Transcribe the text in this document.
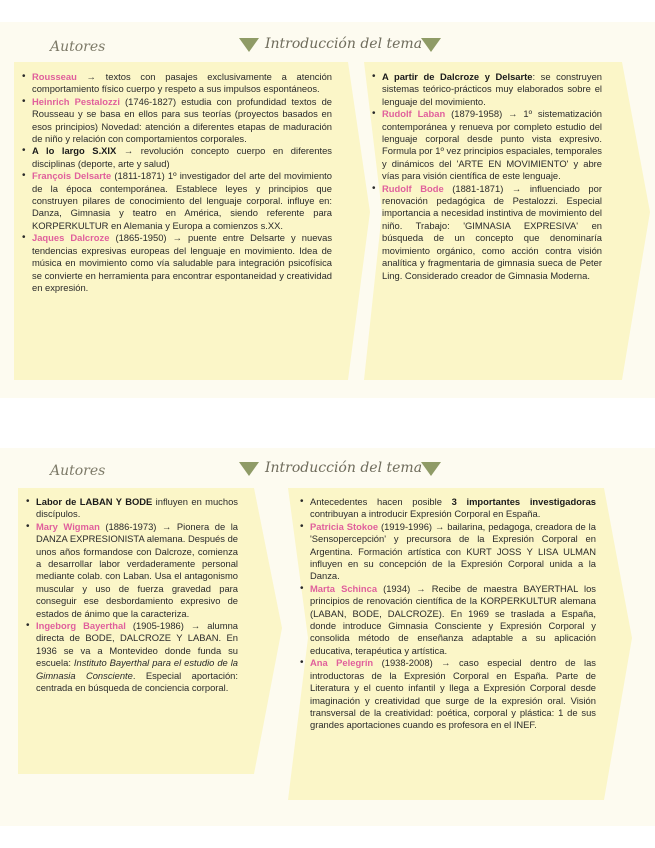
Autores	Introducción del tema
• Rousseau → textos con pasajes exclusivamente a atención comportamiento físico cuerpo y respeto a sus impulsos espontáneos.
• Heinrich Pestalozzi (1746-1827) estudia con profundidad textos de Rousseau y se basa en ellos para sus teorías (proyectos basados en esos principios) Novedad: atención a diferentes etapas de maduración de niño y relación con comportamientos corporales.
• A lo largo S.XIX → revolución concepto cuerpo en diferentes disciplinas (deporte, arte y salud)
• François Delsarte (1811-1871) 1º investigador del arte del movimiento de la época contemporánea. Establece leyes y principios que construyen pilares de conocimiento del lenguaje corporal. influye en: Danza, Gimnasia y teatro en América, siendo referente para KORPERKULTUR en Alemania y Europa a comienzos s.XX.
• Jaques Dalcroze (1865-1950) → puente entre Delsarte y nuevas tendencias expresivas europeas del lenguaje en movimiento. Idea de música en movimiento como vía saludable para integración psicofísica se convierte en herramienta para encontrar espontaneidad y creatividad en expresión.
• A partir de Dalcroze y Delsarte: se construyen sistemas teórico-prácticos muy elaborados sobre el lenguaje del movimiento.
• Rudolf Laban (1879-1958) → 1º sistematización contemporánea y renueva por completo estudio del lenguaje corporal desde punto vista expresivo. Formula por 1º vez principios espaciales, temporales y dinámicos del 'ARTE EN MOVIMIENTO' y abre vías para visión científica de este lenguaje.
• Rudolf Bode (1881-1871) → influenciado por renovación pedagógica de Pestalozzi. Especial importancia a necesidad instintiva de movimiento del niño. Trabajo: 'GIMNASIA EXPRESIVA' en búsqueda de un concepto que denominaría movimiento orgánico, como acción contra visión analítica y fragmentaria de gimnasia sueca de Peter Ling. Considerado creador de Gimnasia Moderna.
Autores	Introducción del tema
• Labor de LABAN Y BODE influyen en muchos discípulos.
• Mary Wigman (1886-1973) → Pionera de la DANZA EXPRESIONISTA alemana. Después de unos años formandose con Dalcroze, comienza a desarrollar labor verdaderamente personal mediante colab. con Laban. Usa el antagonismo muscular y uso de fuerza gravedad para conseguir ese desbordamiento expresivo de estados de ánimo que la caracteriza.
• Ingeborg Bayerthal (1905-1986) → alumna directa de BODE, DALCROZE Y LABAN. En 1936 se va a Montevideo donde funda su escuela: Instituto Bayerthal para el estudio de la Gimnasia Consciente. Especial aportación: centrada en búsqueda de conciencia corporal.
• Antecedentes hacen posible 3 importantes investigadoras contribuyan a introducir Expresión Corporal en España.
• Patricia Stokoe (1919-1996) → bailarina, pedagoga, creadora de la 'Sensopercepción' y precursora de la Expresión Corporal en Argentina. Formación artística con KURT JOSS Y LISA ULMAN influyen en su concepción de la Expresión Corporal unida a la Danza.
• Marta Schinca (1934) → Recibe de maestra BAYERTHAL los principios de renovación científica de la KORPERKULTUR alemana (LABAN, BODE, DALCROZE). En 1969 se traslada a España, donde introduce Gimnasia Consciente y Expresión Corporal y consolida método de enseñanza adaptable a su aplicación educativa, terapéutica y artística.
• Ana Pelegrín (1938-2008) → caso especial dentro de las introductoras de la Expresión Corporal en España. Parte de Literatura y el cuento infantil y llega a Expresión Corporal desde imaginación y creatividad que surge de la expresión oral. Visión transversal de la creatividad: poética, corporal y plástica: 1 de sus grandes aportaciones cuando es profesora en el INEF.
